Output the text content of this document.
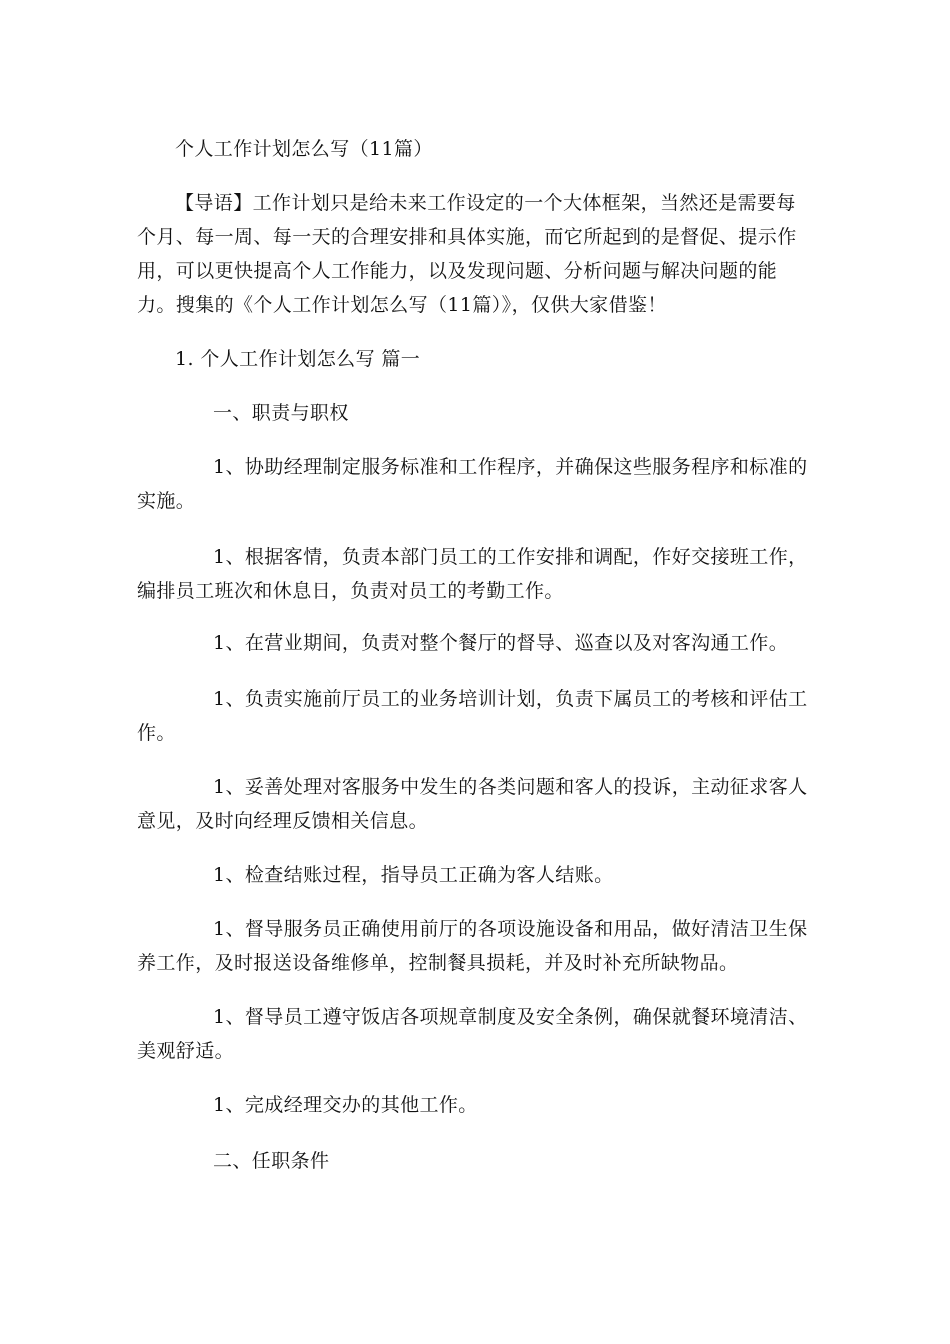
个人工作计划怎么写（11篇）

【导语】工作计划只是给未来工作设定的一个大体框架，当然还是需要每个月、每一周、每一天的合理安排和具体实施，而它所起到的是督促、提示作用，可以更快提高个人工作能力，以及发现问题、分析问题与解决问题的能力。搜集的《个人工作计划怎么写（11篇）》，仅供大家借鉴！

1. 个人工作计划怎么写 篇一

一、职责与职权

1、协助经理制定服务标准和工作程序，并确保这些服务程序和标准的实施。

1、根据客情，负责本部门员工的工作安排和调配，作好交接班工作，编排员工班次和休息日，负责对员工的考勤工作。

1、在营业期间，负责对整个餐厅的督导、巡查以及对客沟通工作。

1、负责实施前厅员工的业务培训计划，负责下属员工的考核和评估工作。

1、妥善处理对客服务中发生的各类问题和客人的投诉，主动征求客人意见，及时向经理反馈相关信息。

1、检查结账过程，指导员工正确为客人结账。

1、督导服务员正确使用前厅的各项设施设备和用品，做好清洁卫生保养工作，及时报送设备维修单，控制餐具损耗，并及时补充所缺物品。

1、督导员工遵守饭店各项规章制度及安全条例，确保就餐环境清洁、美观舒适。

1、完成经理交办的其他工作。

二、任职条件
